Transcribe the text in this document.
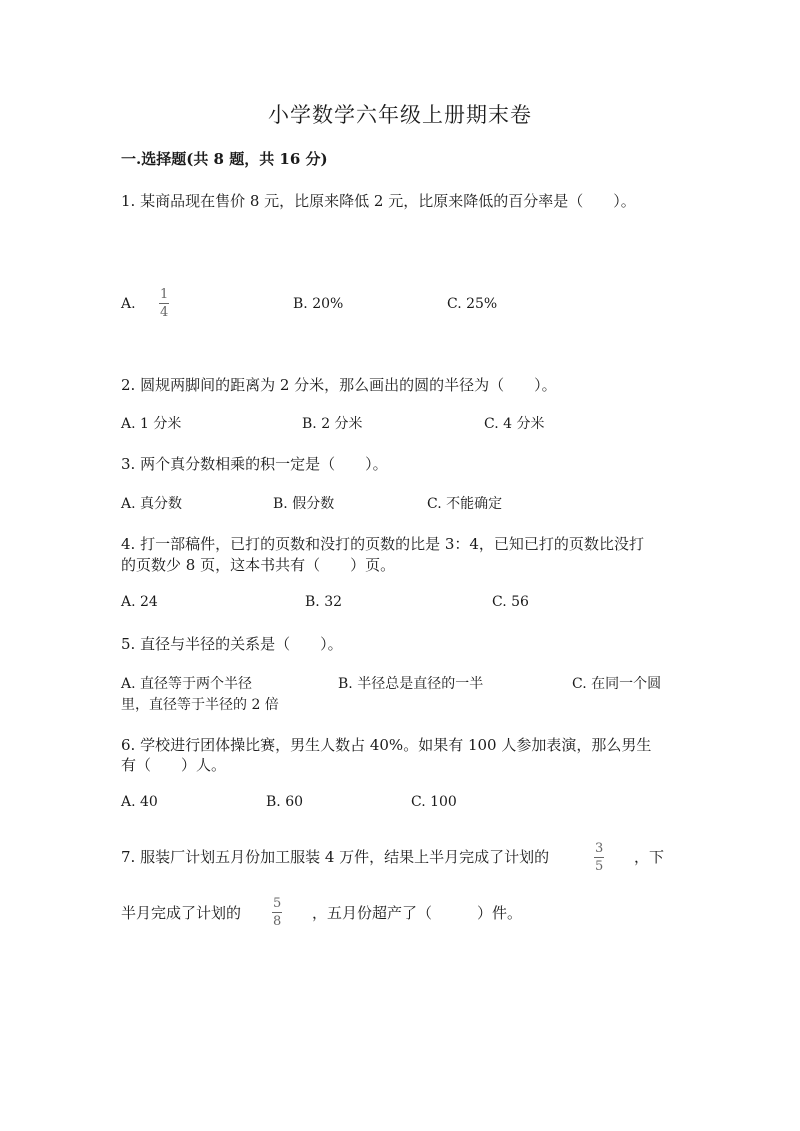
小学数学六年级上册期末卷
一.选择题(共 8 题，共 16 分)
1. 某商品现在售价 8 元，比原来降低 2 元，比原来降低的百分率是（　　）。
A.
1
4
B. 20%	C. 25%
2. 圆规两脚间的距离为 2 分米，那么画出的圆的半径为（　　）。
A. 1 分米	B. 2 分米	C. 4 分米
3. 两个真分数相乘的积一定是（　　）。
A. 真分数	B. 假分数	C. 不能确定
4. 打一部稿件，已打的页数和没打的页数的比是 3：4，已知已打的页数比没打
的页数少 8 页，这本书共有（　　）页。
A. 24	B. 32	C. 56
5. 直径与半径的关系是（　　）。
A. 直径等于两个半径	B. 半径总是直径的一半	C. 在同一个圆
里，直径等于半径的 2 倍
6. 学校进行团体操比赛，男生人数占 40%。如果有 100 人参加表演，那么男生
有（　　）人。
A. 40	B. 60	C. 100
7. 服装厂计划五月份加工服装 4 万件，结果上半月完成了计划的	3
5
，下
半月完成了计划的
5
8 ，五月份超产了（　　　）件。
